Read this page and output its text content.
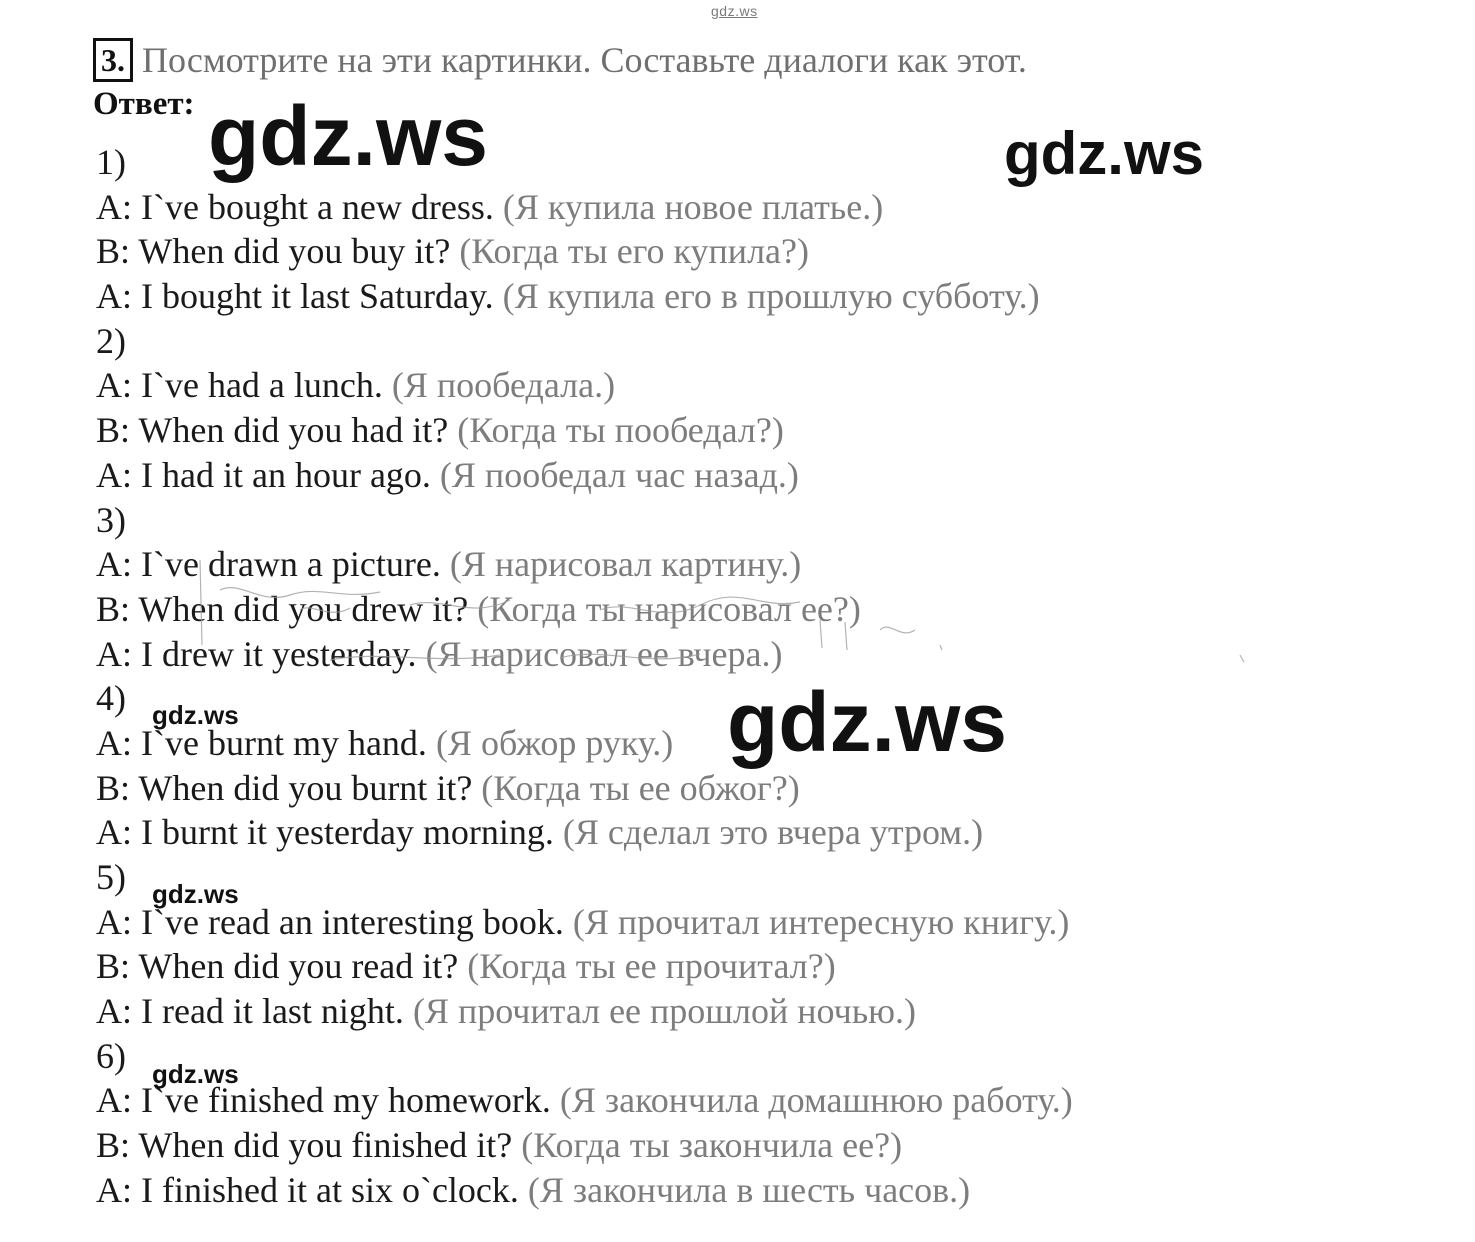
gdz.ws
3. Посмотрите на эти картинки. Составьте диалоги как этот.
Ответ:
1)
A: I`ve bought a new dress. (Я купила новое платье.)
B: When did you buy it? (Когда ты его купила?)
A: I bought it last Saturday. (Я купила его в прошлую субботу.)
2)
A: I`ve had a lunch. (Я пообедала.)
B: When did you had it? (Когда ты пообедал?)
A: I had it an hour ago. (Я пообедал час назад.)
3)
A: I`ve drawn a picture. (Я нарисовал картину.)
B: When did you drew it? (Когда ты нарисовал ее?)
A: I drew it yesterday. (Я нарисовал ее вчера.)
4)
A: I`ve burnt my hand. (Я обжор руку.)
B: When did you burnt it? (Когда ты ее обжог?)
A: I burnt it yesterday morning. (Я сделал это вчера утром.)
5)
A: I`ve read an interesting book. (Я прочитал интересную книгу.)
B: When did you read it? (Когда ты ее прочитал?)
A: I read it last night. (Я прочитал ее прошлой ночью.)
6)
A: I`ve finished my homework. (Я закончила домашнюю работу.)
B: When did you finished it? (Когда ты закончила ее?)
A: I finished it at six o`clock. (Я закончила в шесть часов.)
gdz.ws	gdz.ws
gdz.ws
gdz.ws
gdz.ws
gdz.ws
